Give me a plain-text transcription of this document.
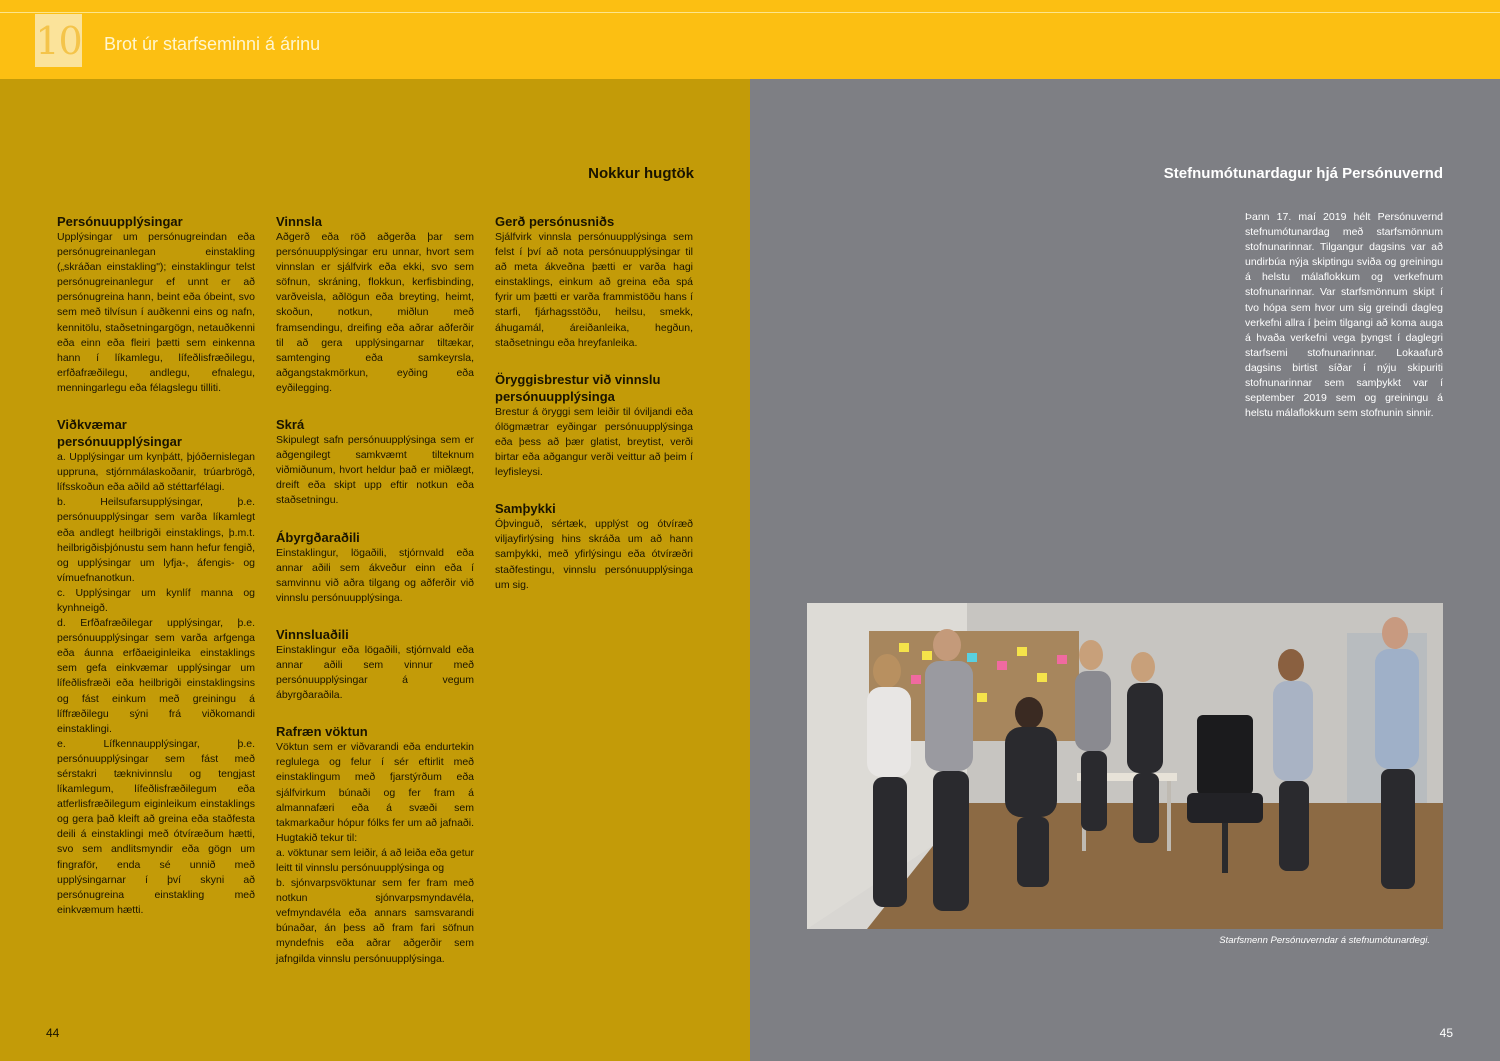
10 Brot úr starfseminni á árinu
Nokkur hugtök
Persónuupplýsingar

Upplýsingar um persónugreindan eða persónugreinanlegan einstakling („skráðan einstakling"); einstaklingur telst persónugreinanlegur ef unnt er að persónugreina hann, beint eða óbeint, svo sem með tilvísun í auðkenni eins og nafn, kennitölu, staðsetningargögn, netauðkenni eða einn eða fleiri þætti sem einkenna hann í líkamlegu, lífeðlisfræðilegu, erfðafræðilegu, andlegu, efnalegu, menningarlegu eða félagslegu tilliti.

Viðkvæmar persónuupplýsingar

a. Upplýsingar um kynþátt, þjóðernislegan uppruna, stjórnmálaskoðanir, trúarbrögð, lífsskoðun eða aðild að stéttarfélagi.
b. Heilsufarsupplýsingar, þ.e. persónuupplýsingar sem varða líkamlegt eða andlegt heilbrigði einstaklings, þ.m.t. heilbrigðisþjónustu sem hann hefur fengið, og upplýsingar um lyfja-, áfengis- og vímuefnanotkun.
c. Upplýsingar um kynlíf manna og kynhneigð.
d. Erfðafræðilegar upplýsingar, þ.e. persónuupplýsingar sem varða arfgenga eða áunna erfðaeiginleika einstaklings sem gefa einkvæmar upplýsingar um lífeðlisfræði eða heilbrigði einstaklingsins og fást einkum með greiningu á líffræðilegu sýni frá viðkomandi einstaklingi.
e. Lífkennaupplýsingar, þ.e. persónuupplýsingar sem fást með sérstakri tæknivinnslu og tengjast líkamlegum, lífeðlisfræðilegum eða atferlisfræðilegum eiginleikum einstaklings og gera það kleift að greina eða staðfesta deili á einstaklingi með ótvíræðum hætti, svo sem andlitsmyndir eða gögn um fingraför, enda sé unnið með upplýsingarnar í því skyni að persónugreina einstakling með einkvæmum hætti.

Vinnsla

Aðgerð eða röð aðgerða þar sem persónuupplýsingar eru unnar, hvort sem vinnslan er sjálfvirk eða ekki, svo sem söfnun, skráning, flokkun, kerfisbinding, varðveisla, aðlögun eða breyting, heimt, skoðun, notkun, miðlun með framsendingu, dreifing eða aðrar aðferðir til að gera upplýsingarnar tiltækar, samtenging eða samkeyrsla, aðgangstakmörkun, eyðing eða eyðilegging.

Skrá

Skipulegt safn persónuupplýsinga sem er aðgengilegt samkvæmt tilteknum viðmiðunum, hvort heldur það er miðlægt, dreift eða skipt upp eftir notkun eða staðsetningu.

Ábyrgðaraðili

Einstaklingur, lögaðili, stjórnvald eða annar aðili sem ákveður einn eða í samvinnu við aðra tilgang og aðferðir við vinnslu persónuupplýsinga.

Vinnsluaðili

Einstaklingur eða lögaðili, stjórnvald eða annar aðili sem vinnur með persónuupplýsingar á vegum ábyrgðaraðila.

Rafræn vöktun

Vöktun sem er viðvarandi eða endurtekin reglulega og felur í sér eftirlit með einstaklingum með fjarstýrðum eða sjálfvirkum búnaði og fer fram á almannafæri eða á svæði sem takmarkaður hópur fólks fer um að jafnaði. Hugtakið tekur til:
a. vöktunar sem leiðir, á að leiða eða getur leitt til vinnslu persónuupplýsinga og
b. sjónvarpsvöktunar sem fer fram með notkun sjónvarpsmyndavéla, vefmyndavéla eða annars samsvarandi búnaðar, án þess að fram fari söfnun myndefnis eða aðrar aðgerðir sem jafngilda vinnslu persónuupplýsinga.

Gerð persónusniðs

Sjálfvirk vinnsla persónuupplýsinga sem felst í því að nota persónuupplýsingar til að meta ákveðna þætti er varða hagi einstaklings, einkum að greina eða spá fyrir um þætti er varða frammistöðu hans í starfi, fjárhagsstöðu, heilsu, smekk, áhugamál, áreiðanleika, hegðun, staðsetningu eða hreyfanleika.

Öryggisbrestur við vinnslu persónuupplýsinga

Brestur á öryggi sem leiðir til óviljandi eða ólögmætrar eyðingar persónuupplýsinga eða þess að þær glatist, breytist, verði birtar eða aðgangur verði veittur að þeim í leyfisleysi.

Samþykki

Óþvinguð, sértæk, upplýst og ótvíræð viljayfirlýsing hins skráða um að hann samþykki, með yfirlýsingu eða ótvíræðri staðfestingu, vinnslu persónuupplýsinga um sig.

44
Stefnumótunardagur hjá Persónuvernd
Þann 17. maí 2019 hélt Persónuvernd stefnumótunardag með starfsmönnum stofnunarinnar. Tilgangur dagsins var að undirbúa nýja skiptingu sviða og greiningu á helstu málaflokkum og verkefnum stofnunarinnar. Var starfsmönnum skipt í tvo hópa sem hvor um sig greindi dagleg verkefni allra í þeim tilgangi að koma auga á hvaða verkefni vega þyngst í daglegri starfsemi stofnunarinnar. Lokaafurð dagsins birtist síðar í nýju skipuriti stofnunarinnar sem samþykkt var í september 2019 sem og greiningu á helstu málaflokkum sem stofnunin sinnir.
Starfsmenn Persónuverndar á stefnumótunardegi.
45
